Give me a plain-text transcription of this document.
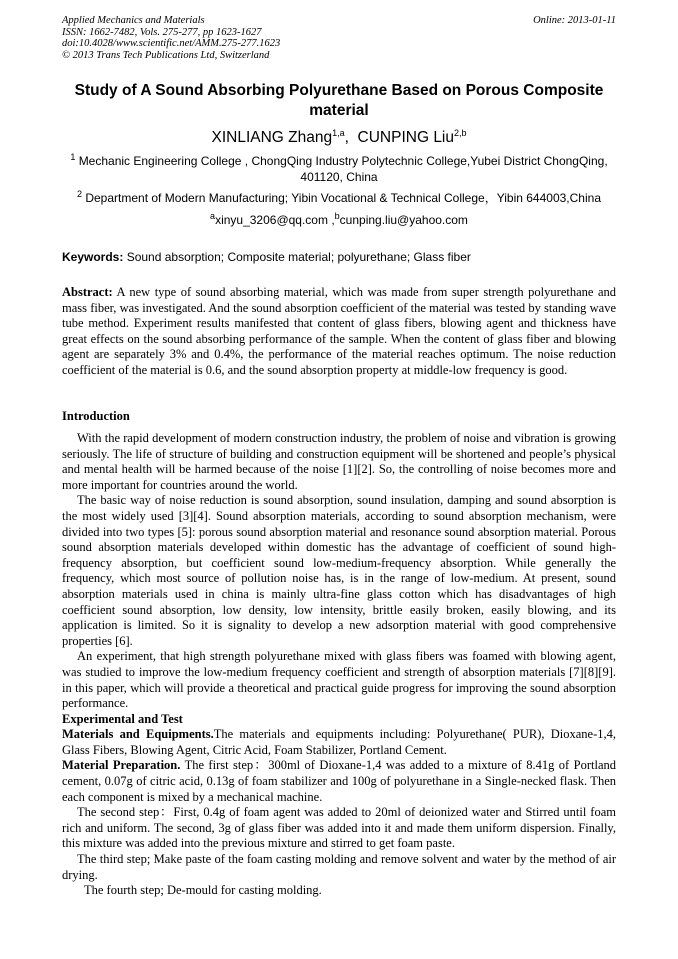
Applied Mechanics and Materials
ISSN: 1662-7482, Vols. 275-277, pp 1623-1627
doi:10.4028/www.scientific.net/AMM.275-277.1623
© 2013 Trans Tech Publications Ltd, Switzerland
Online: 2013-01-11
Study of A Sound Absorbing Polyurethane Based on Porous Composite material
XINLIANG Zhang$^{1,a}$,  CUNPING Liu$^{2,b}$
$^1$ Mechanic Engineering College , ChongQing Industry Polytechnic College,Yubei District ChongQing, 401120, China
$^2$ Department of Modern Manufacturing; Yibin Vocational & Technical College，Yibin 644003,China
$^a$xinyu_3206@qq.com ,$^b$cunping.liu@yahoo.com
Keywords: Sound absorption; Composite material; polyurethane; Glass fiber
Abstract: A new type of sound absorbing material, which was made from super strength polyurethane and mass fiber, was investigated. And the sound absorption coefficient of the material was tested by standing wave tube method. Experiment results manifested that content of glass fibers, blowing agent and thickness have great effects on the sound absorbing performance of the sample. When the content of glass fiber and blowing agent are separately 3% and 0.4%, the performance of the material reaches optimum. The noise reduction coefficient of the material is 0.6, and the sound absorption property at middle-low frequency is good.
Introduction

With the rapid development of modern construction industry, the problem of noise and vibration is growing seriously. The life of structure of building and construction equipment will be shortened and people’s physical and mental health will be harmed because of the noise [1][2]. So, the controlling of noise becomes more and more important for countries around the world.

The basic way of noise reduction is sound absorption, sound insulation, damping and sound absorption is the most widely used [3][4]. Sound absorption materials, according to sound absorption mechanism, were divided into two types [5]: porous sound absorption material and resonance sound absorption material. Porous sound absorption materials developed within domestic has the advantage of coefficient of sound high-frequency absorption, but coefficient sound low-medium-frequency absorption. While generally the frequency, which most source of pollution noise has, is in the range of low-medium. At present, sound absorption materials used in china is mainly ultra-fine glass cotton which has disadvantages of high coefficient sound absorption, low density, low intensity, brittle easily broken, easily blowing, and its application is limited. So it is signality to develop a new adsorption material with good comprehensive properties [6].

An experiment, that high strength polyurethane mixed with glass fibers was foamed with blowing agent, was studied to improve the low-medium frequency coefficient and strength of absorption materials [7][8][9]. in this paper, which will provide a theoretical and practical guide progress for improving the sound absorption performance.

Experimental and Test

Materials and Equipments.The materials and equipments including: Polyurethane( PUR), Dioxane-1,4, Glass Fibers, Blowing Agent, Citric Acid, Foam Stabilizer, Portland Cement.

Material Preparation. The first step：300ml of Dioxane-1,4 was added to a mixture of 8.41g of Portland cement, 0.07g of citric acid, 0.13g of foam stabilizer and 100g of polyurethane in a Single-necked flask. Then each component is mixed by a mechanical machine.

The second step：First, 0.4g of foam agent was added to 20ml of deionized water and Stirred until foam rich and uniform. The second, 3g of glass fiber was added into it and made them uniform dispersion. Finally, this mixture was added into the previous mixture and stirred to get foam paste.

The third step; Make paste of the foam casting molding and remove solvent and water by the method of air drying.

The fourth step; De-mould for casting molding.
